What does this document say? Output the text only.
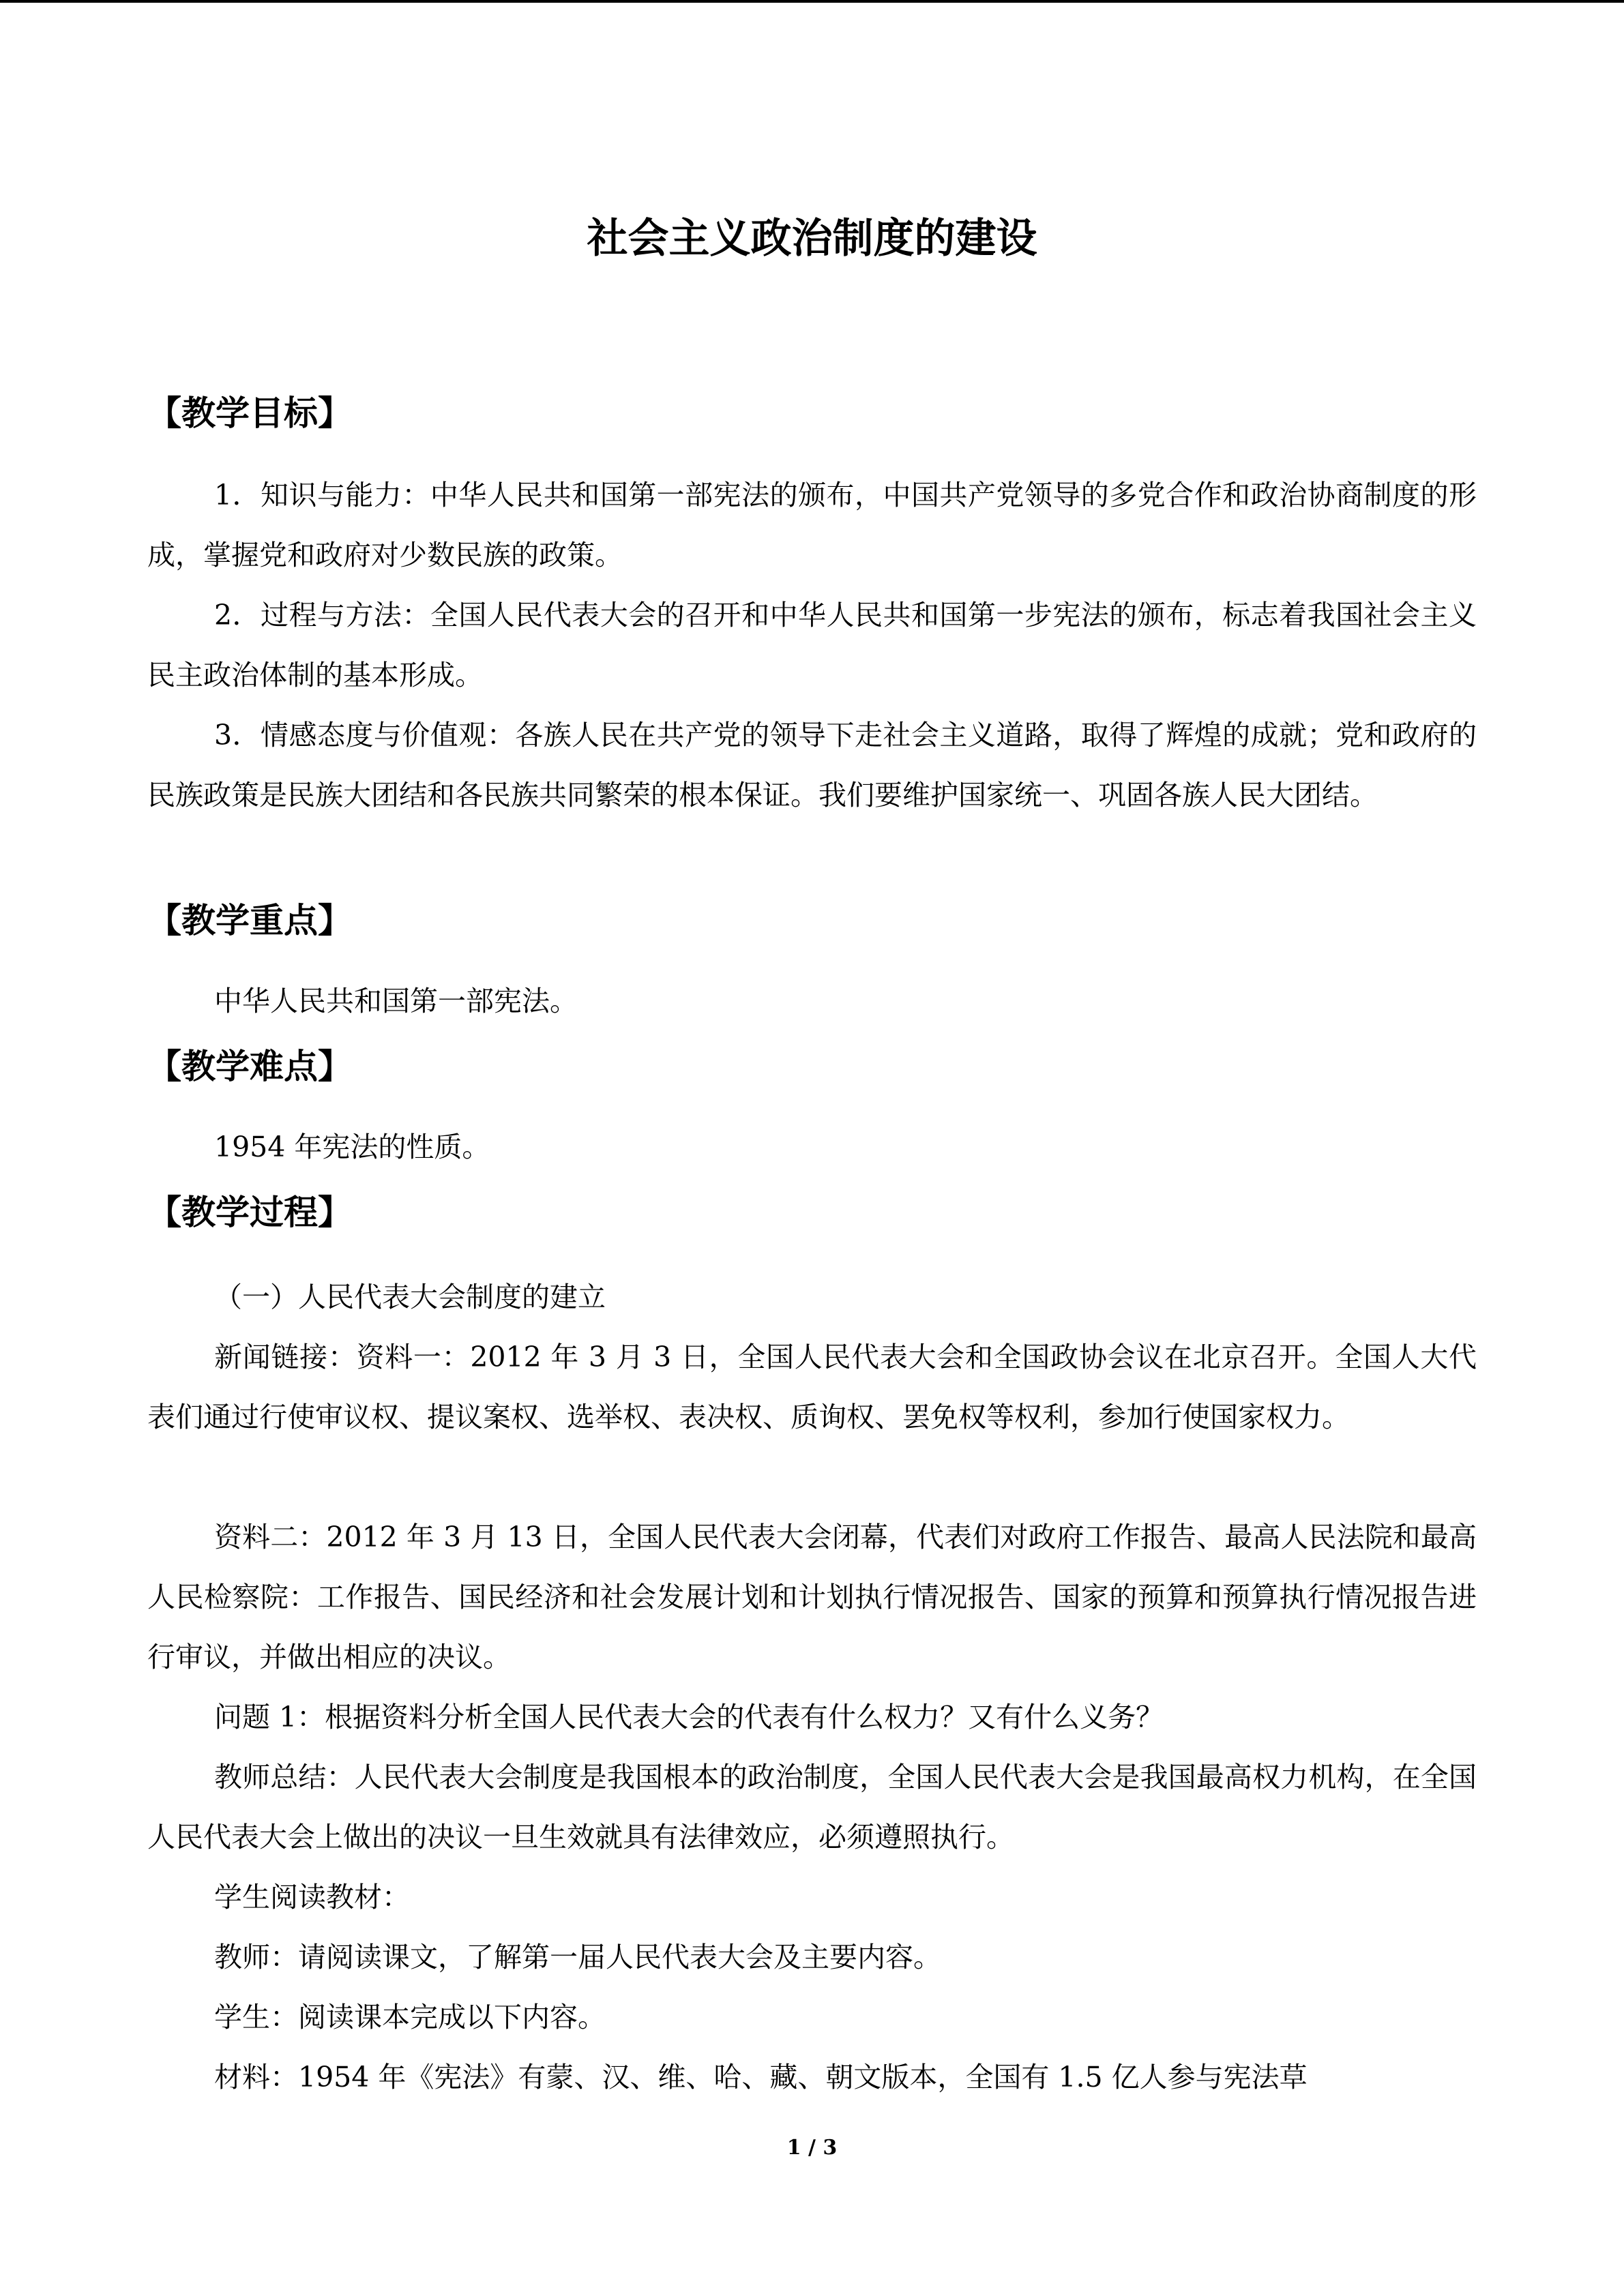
社会主义政治制度的建设
【教学目标】

1．知识与能力：中华人民共和国第一部宪法的颁布，中国共产党领导的多党合作和政治协商制度的形成，掌握党和政府对少数民族的政策。

2．过程与方法：全国人民代表大会的召开和中华人民共和国第一步宪法的颁布，标志着我国社会主义民主政治体制的基本形成。

3．情感态度与价值观：各族人民在共产党的领导下走社会主义道路，取得了辉煌的成就；党和政府的民族政策是民族大团结和各民族共同繁荣的根本保证。我们要维护国家统一、巩固各族人民大团结。

【教学重点】

中华人民共和国第一部宪法。

【教学难点】

1954 年宪法的性质。

【教学过程】

（一）人民代表大会制度的建立

新闻链接：资料一：2012 年 3 月 3 日，全国人民代表大会和全国政协会议在北京召开。全国人大代表们通过行使审议权、提议案权、选举权、表决权、质询权、罢免权等权利，参加行使国家权力。

资料二：2012 年 3 月 13 日，全国人民代表大会闭幕，代表们对政府工作报告、最高人民法院和最高人民检察院：工作报告、国民经济和社会发展计划和计划执行情况报告、国家的预算和预算执行情况报告进行审议，并做出相应的决议。

问题 1：根据资料分析全国人民代表大会的代表有什么权力？又有什么义务？

教师总结：人民代表大会制度是我国根本的政治制度，全国人民代表大会是我国最高权力机构，在全国人民代表大会上做出的决议一旦生效就具有法律效应，必须遵照执行。

学生阅读教材：

教师：请阅读课文，了解第一届人民代表大会及主要内容。

学生：阅读课本完成以下内容。

材料：1954 年《宪法》有蒙、汉、维、哈、藏、朝文版本，全国有 1.5 亿人参与宪法草

1 / 3
